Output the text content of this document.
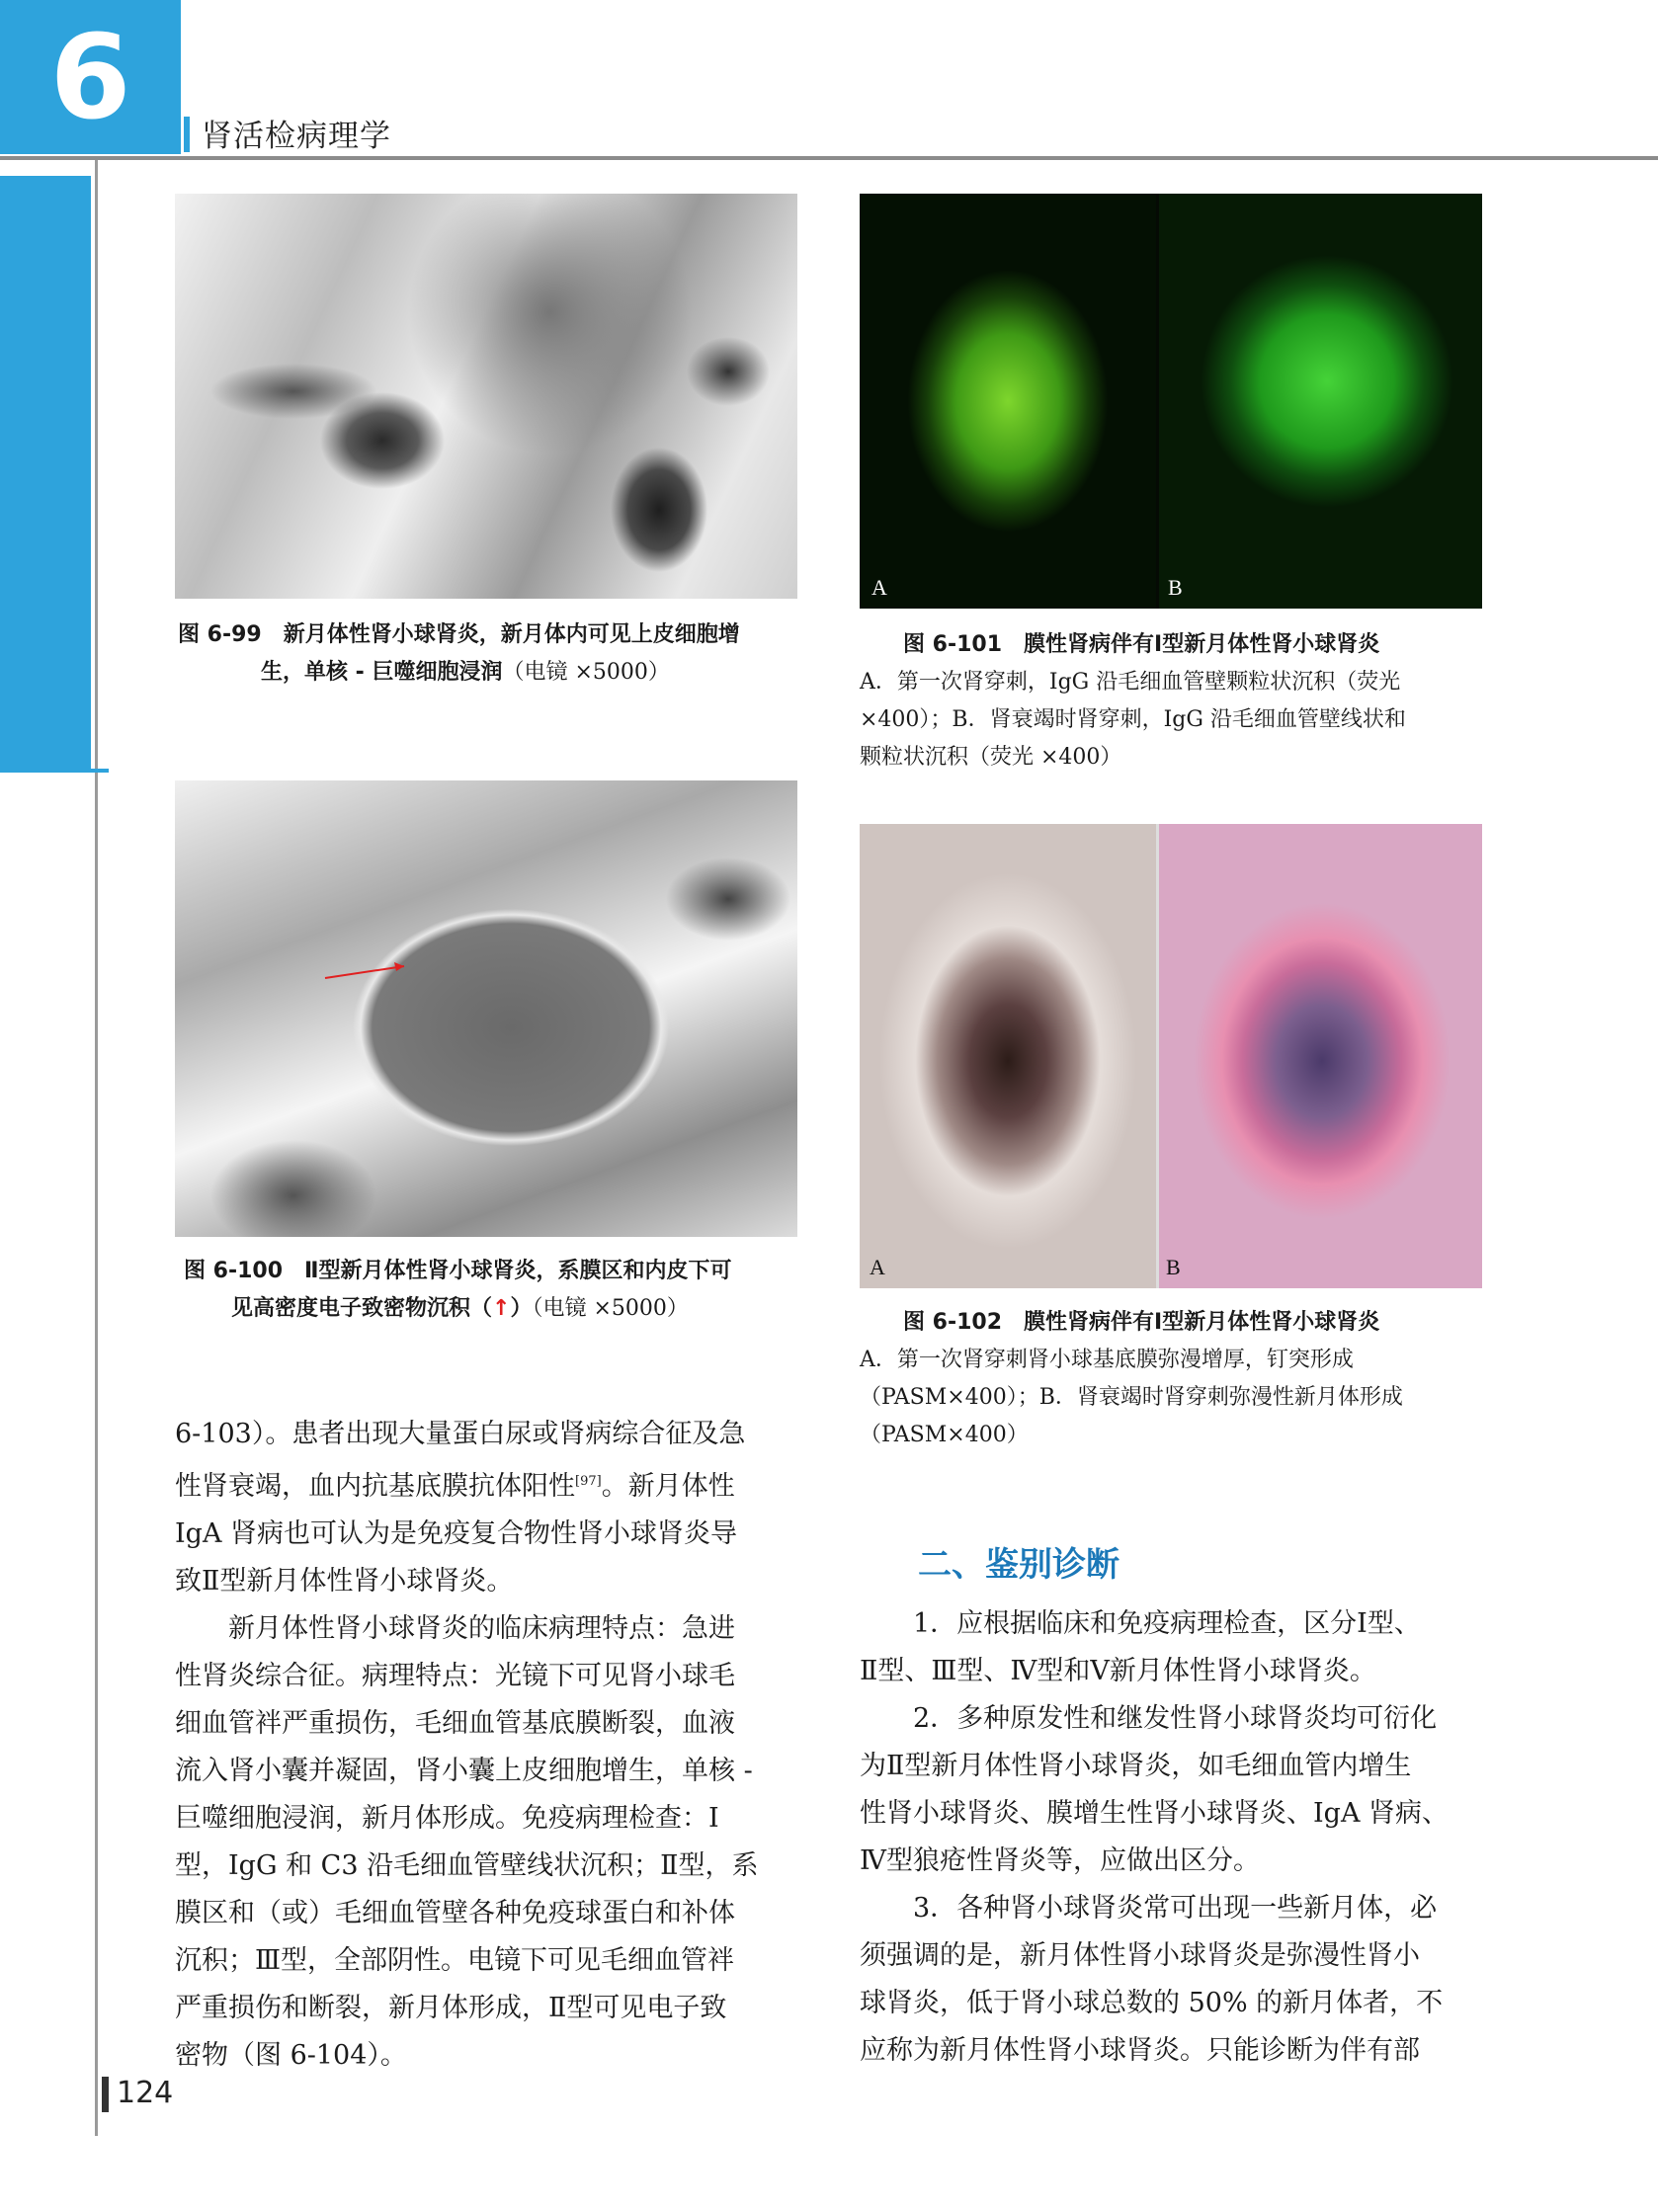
6	肾活检病理学
图 6-99　新月体性肾小球肾炎，新月体内可见上皮细胞增
生，单核 - 巨噬细胞浸润（电镜 ×5000）
图 6-100　Ⅱ型新月体性肾小球肾炎，系膜区和内皮下可
见高密度电子致密物沉积（↑）（电镜 ×5000）
A	B
图 6-101　膜性肾病伴有Ⅰ型新月体性肾小球肾炎
A．第一次肾穿刺，IgG 沿毛细血管壁颗粒状沉积（荧光
×400）；B．肾衰竭时肾穿刺，IgG 沿毛细血管壁线状和
颗粒状沉积（荧光 ×400）
A	B
图 6-102　膜性肾病伴有Ⅰ型新月体性肾小球肾炎
A．第一次肾穿刺肾小球基底膜弥漫增厚，钉突形成
（PASM×400）；B．肾衰竭时肾穿刺弥漫性新月体形成
（PASM×400）

6-103）。患者出现大量蛋白尿或肾病综合征及急

性肾衰竭，血内抗基底膜抗体阳性[97]。新月体性

IgA 肾病也可认为是免疫复合物性肾小球肾炎导

致Ⅱ型新月体性肾小球肾炎。

新月体性肾小球肾炎的临床病理特点：急进

性肾炎综合征。病理特点：光镜下可见肾小球毛

细血管袢严重损伤，毛细血管基底膜断裂，血液

流入肾小囊并凝固，肾小囊上皮细胞增生，单核 -

巨噬细胞浸润，新月体形成。免疫病理检查：Ⅰ

型，IgG 和 C3 沿毛细血管壁线状沉积；Ⅱ型，系

膜区和（或）毛细血管壁各种免疫球蛋白和补体

沉积；Ⅲ型，全部阴性。电镜下可见毛细血管袢

严重损伤和断裂，新月体形成，Ⅱ型可见电子致

密物（图 6-104）。

二、鉴别诊断

1．应根据临床和免疫病理检查，区分Ⅰ型、

Ⅱ型、Ⅲ型、Ⅳ型和Ⅴ新月体性肾小球肾炎。

2．多种原发性和继发性肾小球肾炎均可衍化

为Ⅱ型新月体性肾小球肾炎，如毛细血管内增生

性肾小球肾炎、膜增生性肾小球肾炎、IgA 肾病、

Ⅳ型狼疮性肾炎等，应做出区分。

3．各种肾小球肾炎常可出现一些新月体，必

须强调的是，新月体性肾小球肾炎是弥漫性肾小

球肾炎，低于肾小球总数的 50% 的新月体者，不

应称为新月体性肾小球肾炎。只能诊断为伴有部

124
